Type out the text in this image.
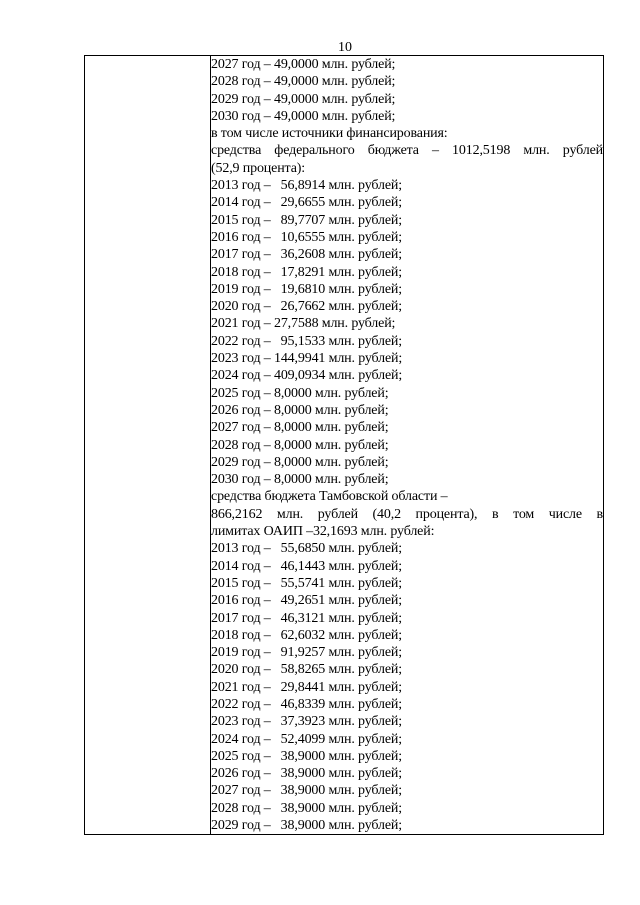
10

2027 год – 49,0000 млн. рублей;
2028 год – 49,0000 млн. рублей;
2029 год – 49,0000 млн. рублей;
2030 год – 49,0000 млн. рублей;
в том числе источники финансирования:
средства федерального бюджета – 1012,5198 млн. рублей
(52,9 процента):
2013 год –   56,8914 млн. рублей;
2014 год –   29,6655 млн. рублей;
2015 год –   89,7707 млн. рублей;
2016 год –   10,6555 млн. рублей;
2017 год –   36,2608 млн. рублей;
2018 год –   17,8291 млн. рублей;
2019 год –   19,6810 млн. рублей;
2020 год –   26,7662 млн. рублей;
2021 год – 27,7588 млн. рублей;
2022 год –   95,1533 млн. рублей;
2023 год – 144,9941 млн. рублей;
2024 год – 409,0934 млн. рублей;
2025 год – 8,0000 млн. рублей;
2026 год – 8,0000 млн. рублей;
2027 год – 8,0000 млн. рублей;
2028 год – 8,0000 млн. рублей;
2029 год – 8,0000 млн. рублей;
2030 год – 8,0000 млн. рублей;
средства бюджета Тамбовской области –
866,2162 млн. рублей (40,2 процента), в том числе в
лимитах ОАИП –32,1693 млн. рублей:
2013 год –   55,6850 млн. рублей;
2014 год –   46,1443 млн. рублей;
2015 год –   55,5741 млн. рублей;
2016 год –   49,2651 млн. рублей;
2017 год –   46,3121 млн. рублей;
2018 год –   62,6032 млн. рублей;
2019 год –   91,9257 млн. рублей;
2020 год –   58,8265 млн. рублей;
2021 год –   29,8441 млн. рублей;
2022 год –   46,8339 млн. рублей;
2023 год –   37,3923 млн. рублей;
2024 год –   52,4099 млн. рублей;
2025 год –   38,9000 млн. рублей;
2026 год –   38,9000 млн. рублей;
2027 год –   38,9000 млн. рублей;
2028 год –   38,9000 млн. рублей;
2029 год –   38,9000 млн. рублей;
